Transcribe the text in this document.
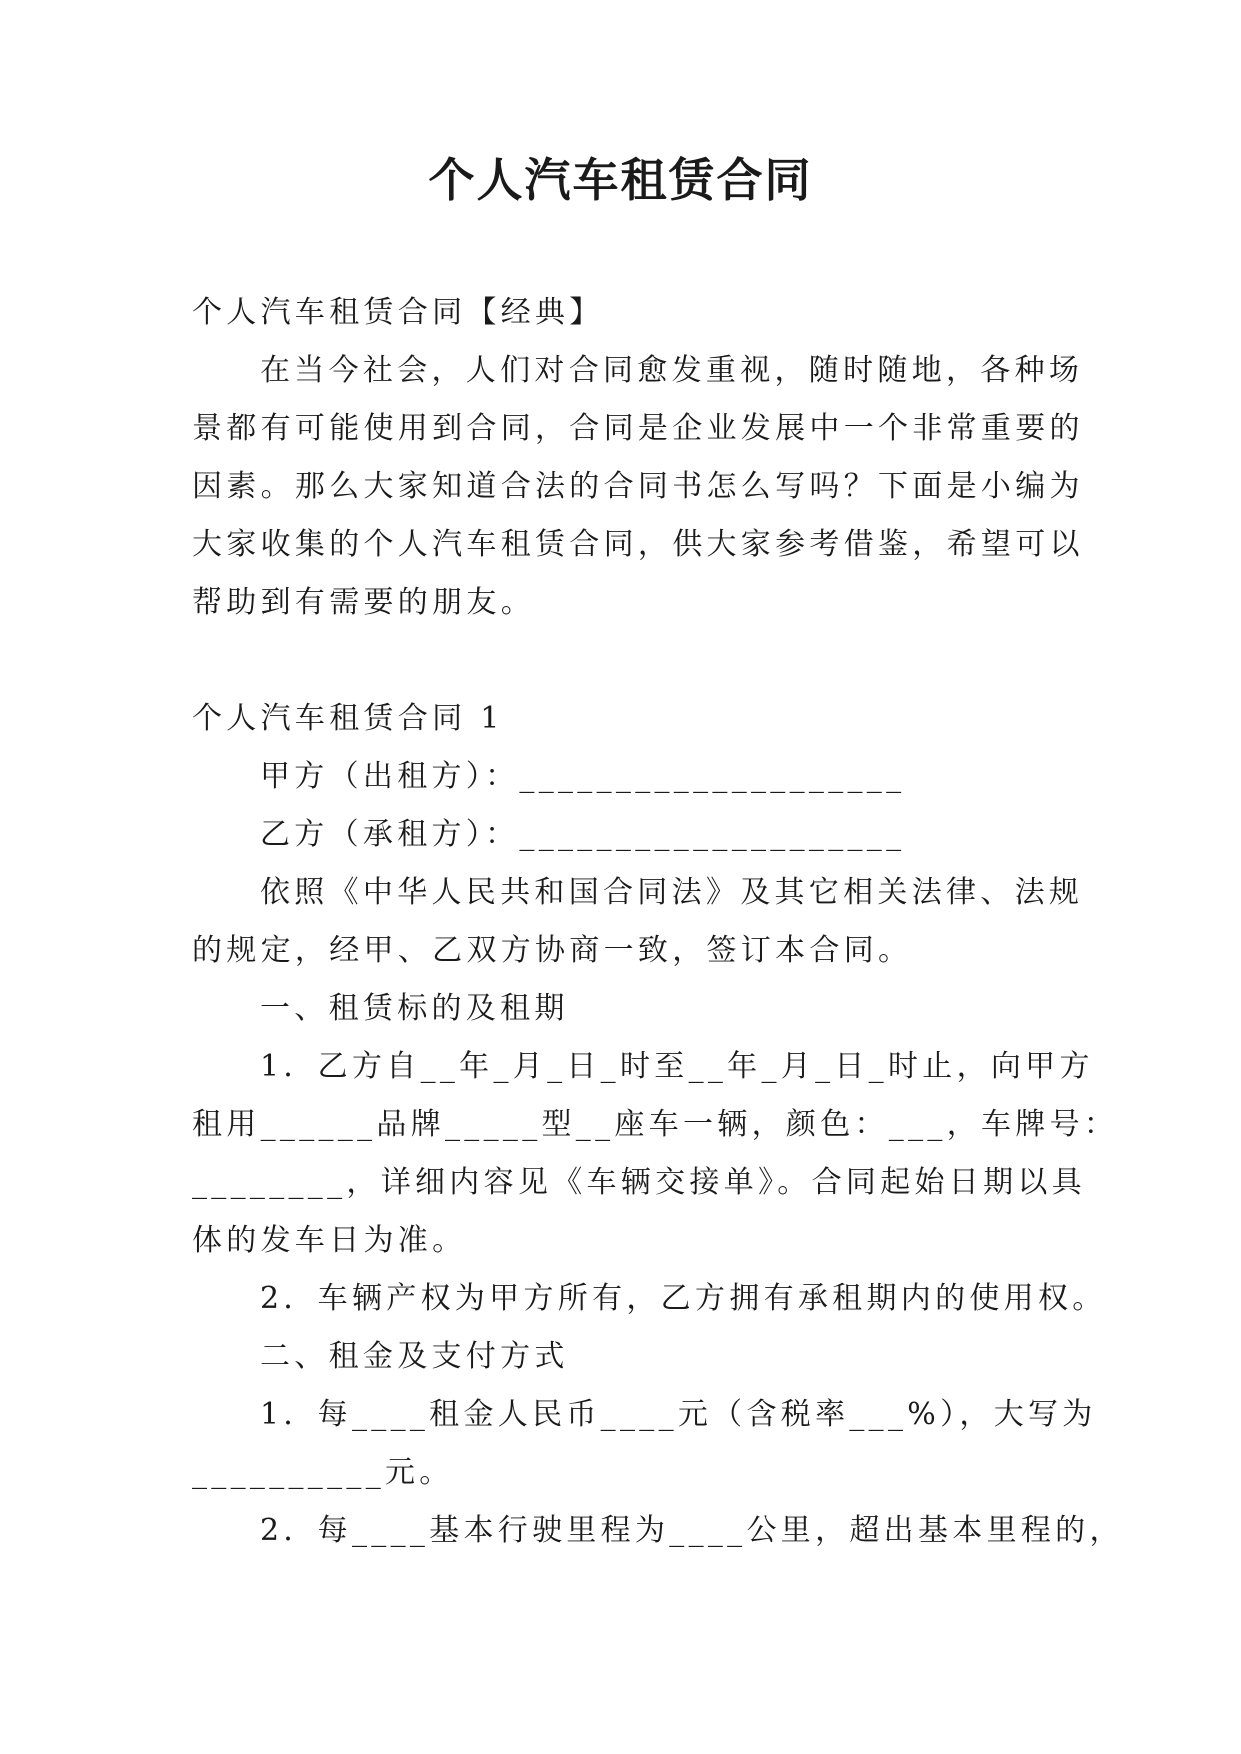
个人汽车租赁合同

个人汽车租赁合同【经典】

在当今社会，人们对合同愈发重视，随时随地，各种场

景都有可能使用到合同，合同是企业发展中一个非常重要的

因素。那么大家知道合法的合同书怎么写吗？下面是小编为

大家收集的个人汽车租赁合同，供大家参考借鉴，希望可以

帮助到有需要的朋友。

个人汽车租赁合同 1

甲方（出租方）：____________________

乙方（承租方）：____________________

依照《中华人民共和国合同法》及其它相关法律、法规

的规定，经甲、乙双方协商一致，签订本合同。

一、租赁标的及租期

1．乙方自__年_月_日_时至__年_月_日_时止，向甲方

租用______品牌_____型__座车一辆，颜色：___，车牌号：

________，详细内容见《车辆交接单》。合同起始日期以具

体的发车日为准。

2．车辆产权为甲方所有，乙方拥有承租期内的使用权。

二、租金及支付方式

1．每____租金人民币____元（含税率___%），大写为

__________元。

2．每____基本行驶里程为____公里，超出基本里程的，
